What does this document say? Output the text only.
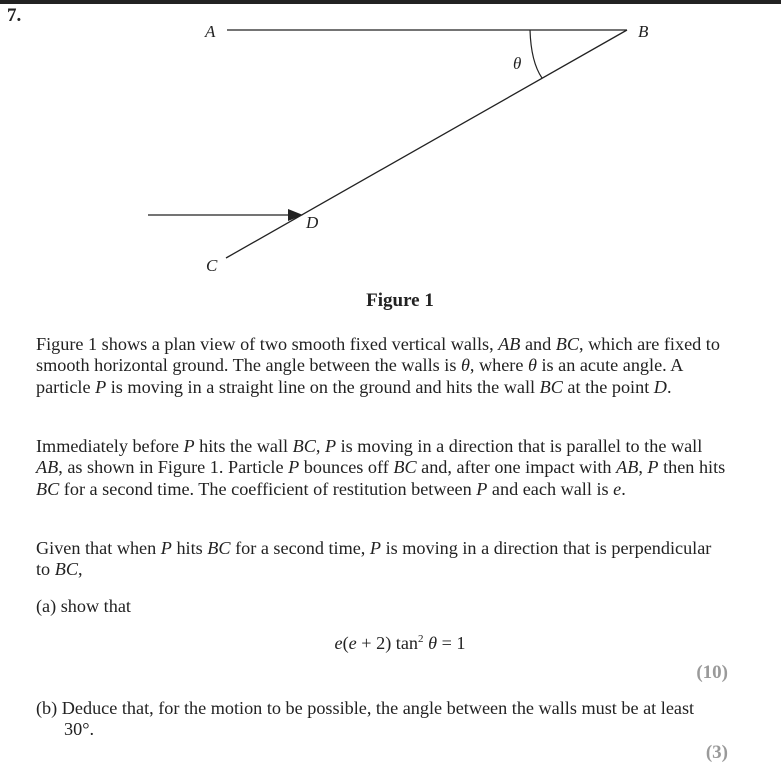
7.
A	B
θ
D
C
Figure 1

Figure 1 shows a plan view of two smooth fixed vertical walls, AB and BC, which are fixed to smooth horizontal ground. The angle between the walls is θ, where θ is an acute angle. A particle P is moving in a straight line on the ground and hits the wall BC at the point D.

Immediately before P hits the wall BC, P is moving in a direction that is parallel to the wall AB, as shown in Figure 1. Particle P bounces off BC and, after one impact with AB, P then hits BC for a second time. The coefficient of restitution between P and each wall is e.

Given that when P hits BC for a second time, P is moving in a direction that is perpendicular to BC,

(a) show that
e(e + 2) $\tan^2 \theta = 1$
(10)
(b) Deduce that, for the motion to be possible, the angle between the walls must be at least 30°.
(3)
